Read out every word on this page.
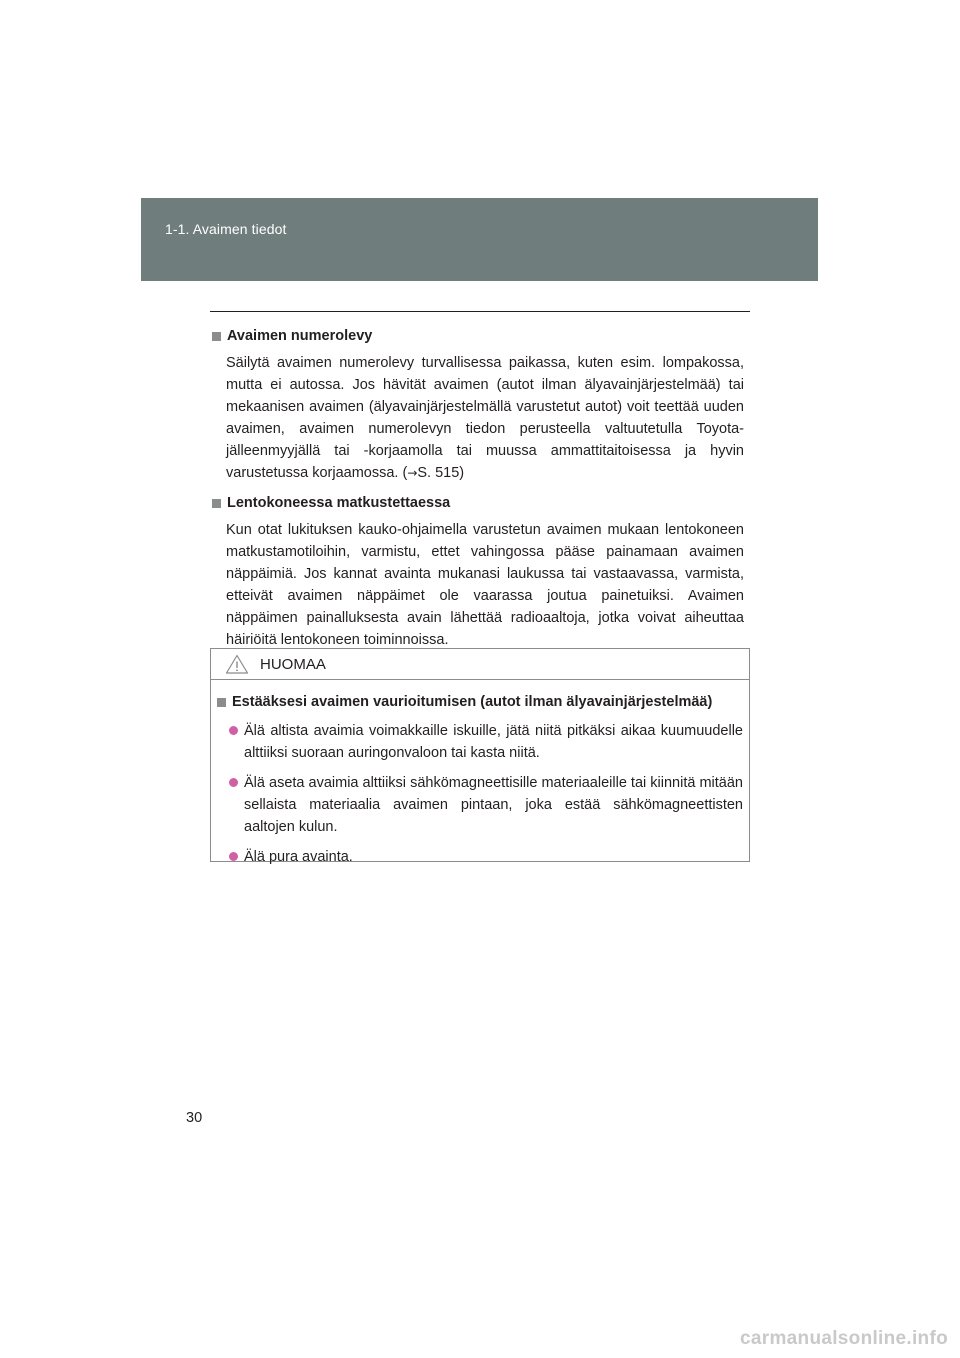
1-1. Avaimen tiedot
Avaimen numerolevy

Säilytä avaimen numerolevy turvallisessa paikassa, kuten esim. lompakossa, mutta ei autossa. Jos hävität avaimen (autot ilman älyavainjärjestelmää) tai mekaanisen avaimen (älyavainjärjestelmällä varustetut autot) voit teettää uuden avaimen, avaimen numerolevyn tiedon perusteella valtuutetulla Toyota-jälleenmyyjällä tai -korjaamolla tai muussa ammattitaitoisessa ja hyvin varustetussa korjaamossa. (→S. 515)

Lentokoneessa matkustettaessa

Kun otat lukituksen kauko-ohjaimella varustetun avaimen mukaan lentokoneen matkustamotiloihin, varmistu, ettet vahingossa pääse painamaan avaimen näppäimiä. Jos kannat avainta mukanasi laukussa tai vastaavassa, varmista, etteivät avaimen näppäimet ole vaarassa joutua painetuiksi. Avaimen näppäimen painalluksesta avain lähettää radioaaltoja, jotka voivat aiheuttaa häiriöitä lentokoneen toiminnoissa.

HUOMAA
Estääksesi avaimen vaurioitumisen (autot ilman älyavainjärjestelmää)
Älä altista avaimia voimakkaille iskuille, jätä niitä pitkäksi aikaa kuumuudelle alttiiksi suoraan auringonvaloon tai kasta niitä.
Älä aseta avaimia alttiiksi sähkömagneettisille materiaaleille tai kiinnitä mitään sellaista materiaalia avaimen pintaan, joka estää sähkömagneettisten aaltojen kulun.
Älä pura avainta.
30
carmanualsonline.info
